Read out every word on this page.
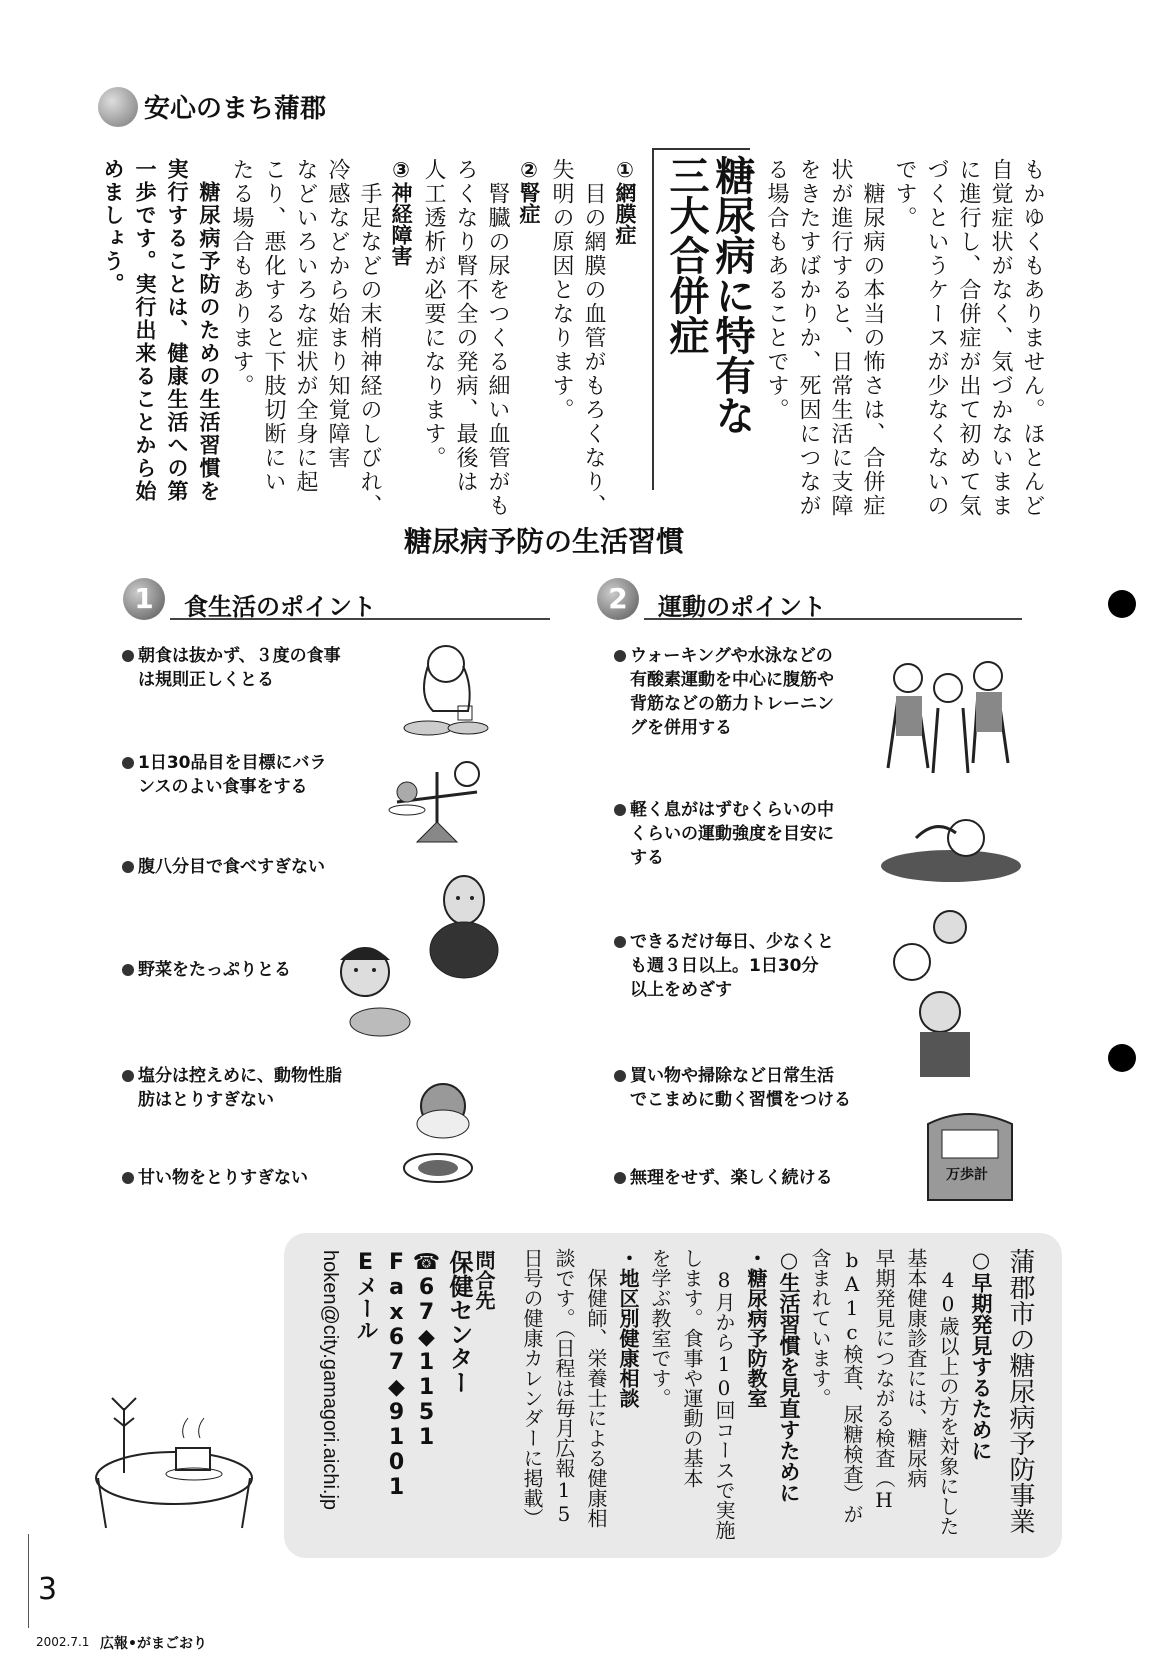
安心のまち蒲郡
もかゆくもありません。ほとんど
自覚症状がなく、気づかないまま
に進行し、合併症が出て初めて気
づくというケースが少なくないの
です。
　糖尿病の本当の怖さは、合併症
状が進行すると、日常生活に支障
をきたすばかりか、死因につなが
る場合もあることです。
糖尿病に特有な
三大合併症
①網膜症
　目の網膜の血管がもろくなり、
失明の原因となります。
②腎症
　腎臓の尿をつくる細い血管がも
ろくなり腎不全の発病、最後は
人工透析が必要になります。
③神経障害
　手足などの末梢神経のしびれ、
冷感などから始まり知覚障害
などいろいろな症状が全身に起
こり、悪化すると下肢切断にい
たる場合もあります。
　糖尿病予防のための生活習慣を
実行することは、健康生活への第
一歩です。実行出来ることから始
めましょう。
糖尿病予防の生活習慣
1	食生活のポイント
朝食は抜かず、３度の食事
は規則正しくとる
1日30品目を目標にバラ
ンスのよい食事をする
腹八分目で食べすぎない
野菜をたっぷりとる
塩分は控えめに、動物性脂
肪はとりすぎない
甘い物をとりすぎない
2	運動のポイント
ウォーキングや水泳などの
有酸素運動を中心に腹筋や
背筋などの筋力トレーニン
グを併用する
軽く息がはずむくらいの中
くらいの運動強度を目安に
する
できるだけ毎日、少なくと
も週３日以上。1日30分
以上をめざす
買い物や掃除など日常生活
でこまめに動く習慣をつける
無理をせず、楽しく続ける	万歩計
蒲郡市の糖尿病予防事業
○早期発見するために
　40歳以上の方を対象にした
基本健康診査には、糖尿病
早期発見につながる検査（H
bA1c検査、尿糖検査）が
含まれています。
○生活習慣を見直すために
・糖尿病予防教室
　8月から10回コースで実施
します。食事や運動の基本
を学ぶ教室です。
・地区別健康相談
　保健師、栄養士による健康相
談です。（日程は毎月広報15
日号の健康カレンダーに掲載）
問合先
保健センター
☎67◆1151
Fax67◆9101
Eメール
hoken@city.gamagori.aichi.jp
3
2002.7.1 広報•がまごおり
